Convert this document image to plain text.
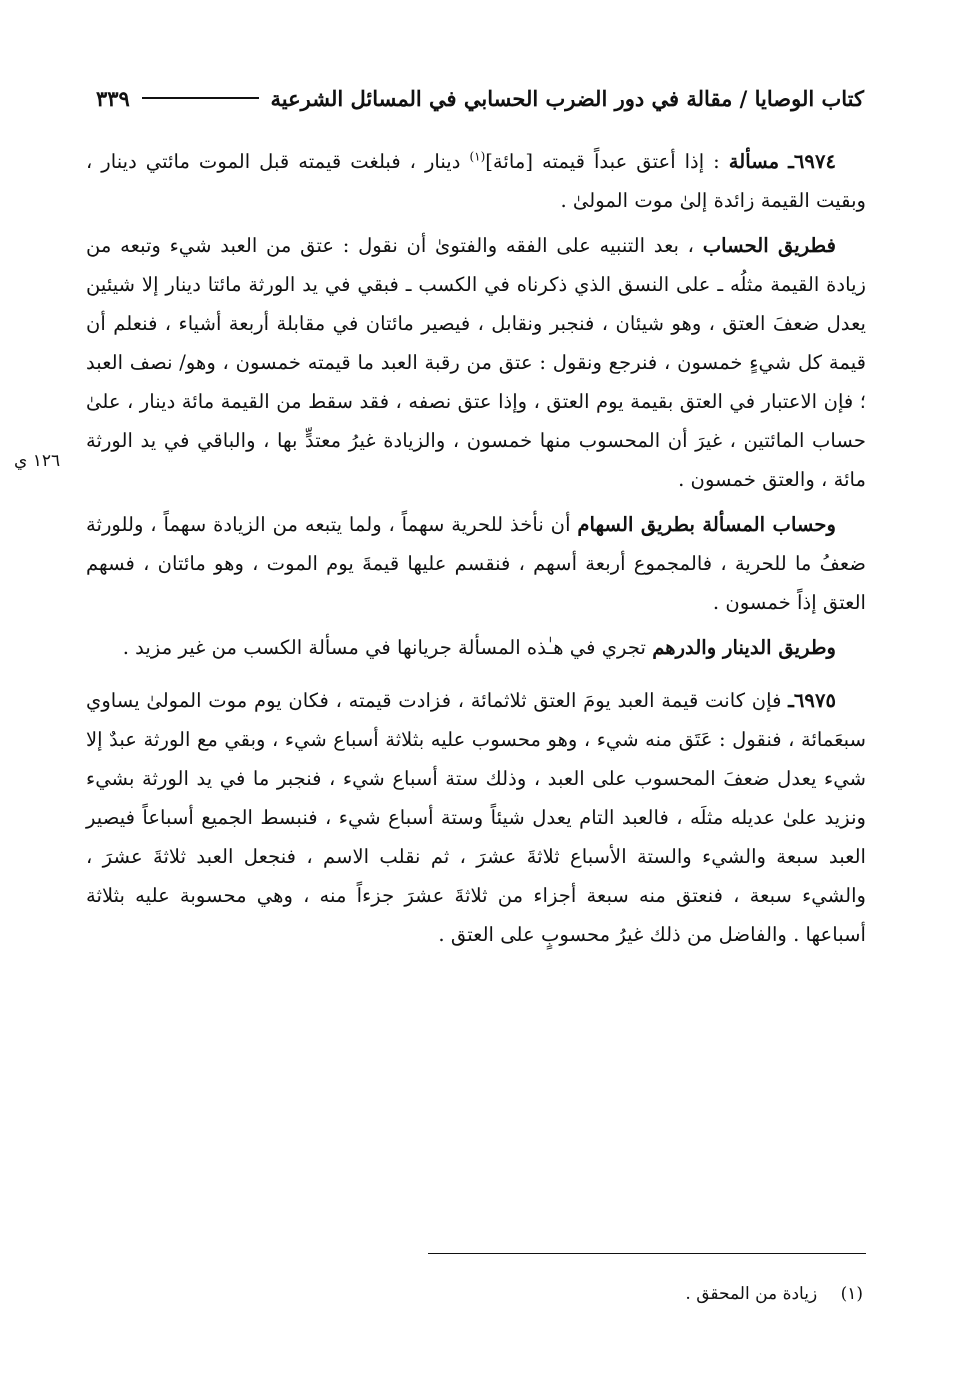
كتاب الوصايا / مقالة في دور الضرب الحسابي في المسائل الشرعية
٣٣٩

٦٩٧٤ـ مسألة : إذا أعتق عبداً قيمته [مائة]$^{(١)}$ دينار ، فبلغت قيمته قبل الموت مائتي دينار ، وبقيت القيمة زائدة إلىٰ موت المولىٰ .

فطريق الحساب ، بعد التنبيه على الفقه والفتوىٰ أن نقول : عتق من العبد شيء وتبعه من زيادة القيمة مثلُه ـ على النسق الذي ذكرناه في الكسب ـ فبقي في يد الورثة مائتا دينار إلا شيئين يعدل ضعفَ العتق ، وهو شيئان ، فنجبر ونقابل ، فيصير مائتان في مقابلة أربعة أشياء ، فنعلم أن قيمة كل شيءٍ خمسون ، فنرجع ونقول : عتق من رقبة العبد ما قيمته خمسون ، وهو/ نصف العبد ؛ فإن الاعتبار في العتق بقيمة يوم العتق ، وإذا عتق نصفه ، فقد سقط من القيمة مائة دينار ، علىٰ حساب المائتين ، غيرَ أن المحسوب منها خمسون ، والزيادة غيرُ معتدٍّ بها ، والباقي في يد الورثة مائة ، والعتق خمسون .

وحساب المسألة بطريق السهام أن نأخذ للحرية سهماً ، ولما يتبعه من الزيادة سهماً ، وللورثة ضعفُ ما للحرية ، فالمجموع أربعة أسهم ، فنقسم عليها قيمةَ يوم الموت ، وهو مائتان ، فسهم العتق إذاً خمسون .

وطريق الدينار والدرهم تجري في هـٰذه المسألة جريانها في مسألة الكسب من غير مزيد .

٦٩٧٥ـ فإن كانت قيمة العبد يومَ العتق ثلاثمائة ، فزادت قيمته ، فكان يوم موت المولىٰ يساوي سبعَمائة ، فنقول : عَتَق منه شيء ، وهو محسوب عليه بثلاثة أسباع شيء ، وبقي مع الورثة عبدٌ إلا شيء يعدل ضعفَ المحسوب على العبد ، وذلك ستة أسباع شيء ، فنجبر ما في يد الورثة بشيء ونزيد علىٰ عديله مثلَه ، فالعبد التام يعدل شيئاً وستة أسباع شيء ، فنبسط الجميع أسباعاً فيصير العبد سبعة والشيء والستة الأسباع ثلاثةَ عشرَ ، ثم نقلب الاسم ، فنجعل العبد ثلاثةَ عشرَ ، والشيء سبعة ، فنعتق منه سبعة أجزاء من ثلاثةَ عشرَ جزءاً منه ، وهي محسوبة عليه بثلاثة أسباعها . والفاضل من ذلك غيرُ محسوبٍ على العتق .

١٢٦ ي
(١) زيادة من المحقق .
